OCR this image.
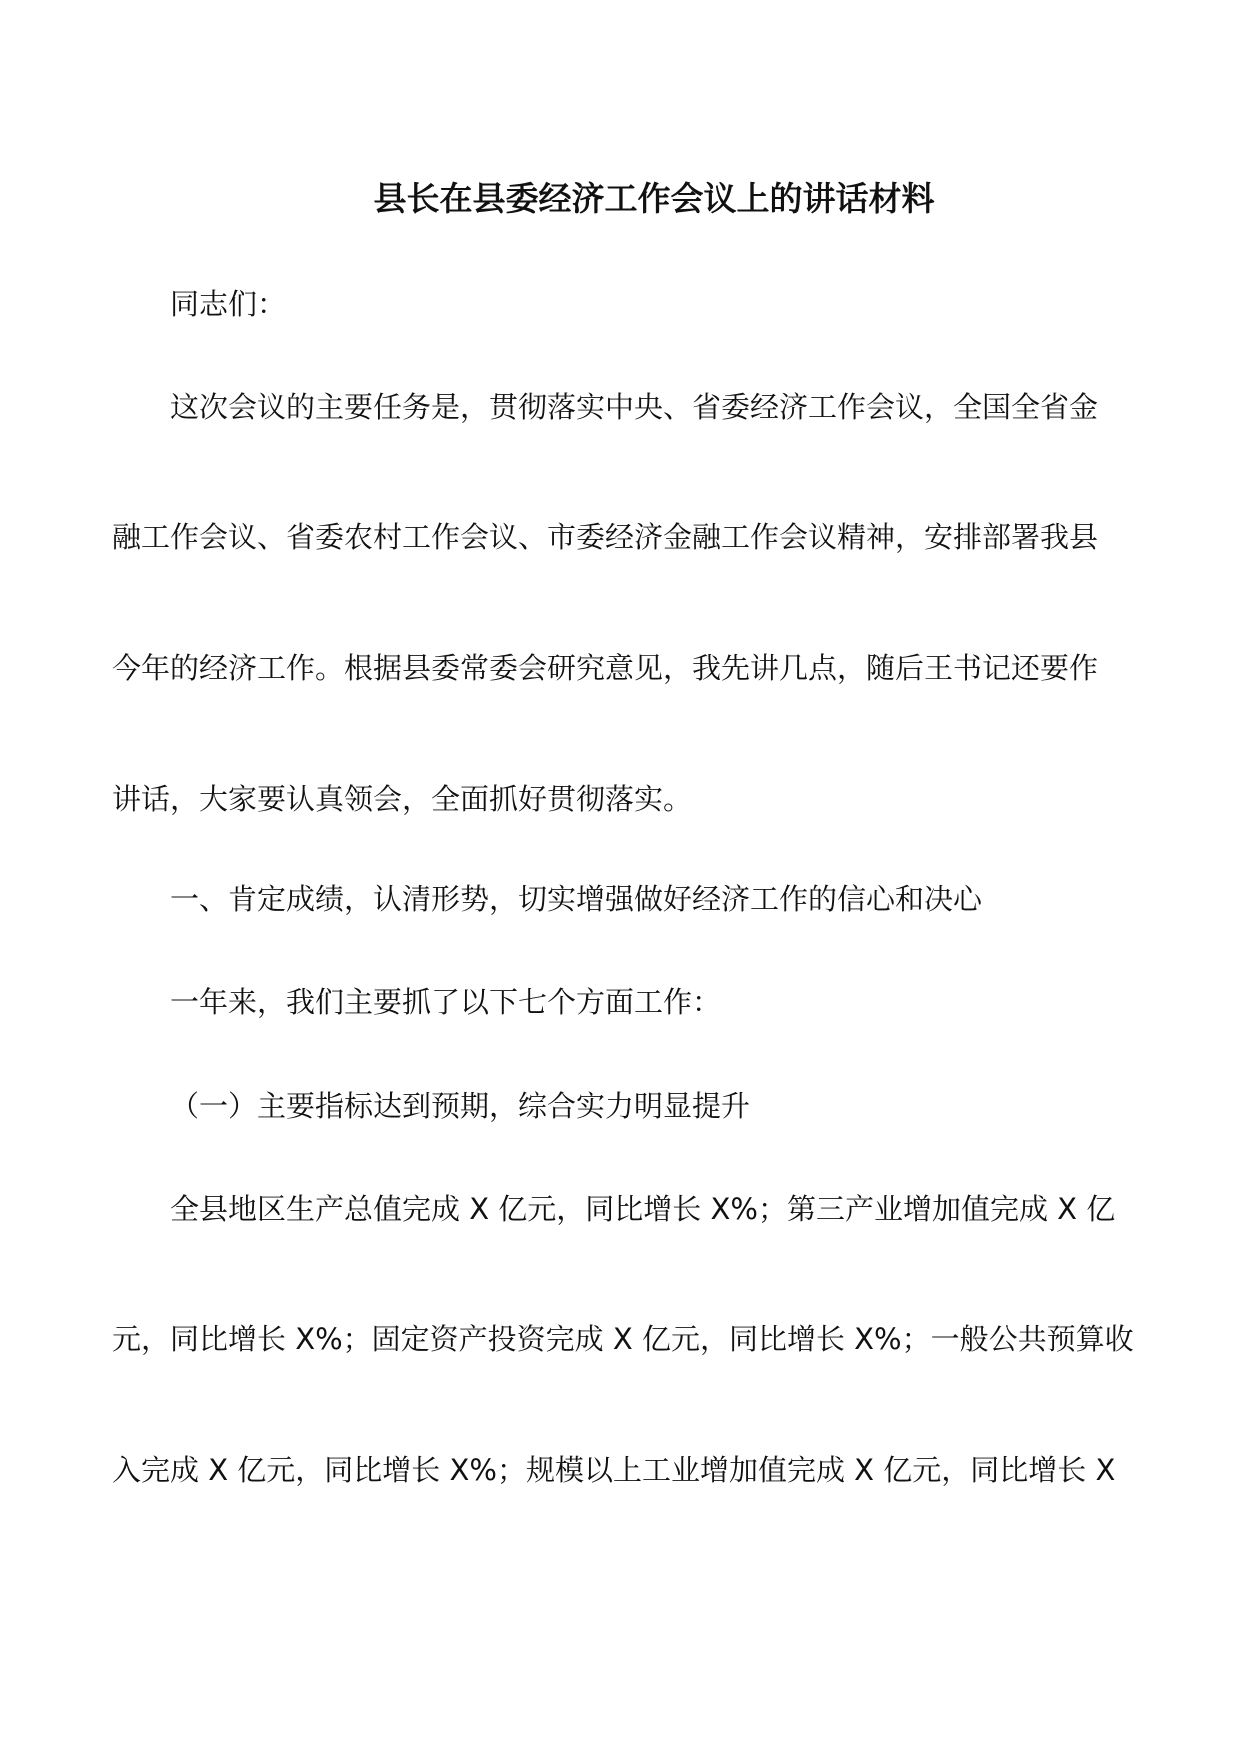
县长在县委经济工作会议上的讲话材料

同志们：

这次会议的主要任务是，贯彻落实中央、省委经济工作会议，全国全省金

融工作会议、省委农村工作会议、市委经济金融工作会议精神，安排部署我县

今年的经济工作。根据县委常委会研究意见，我先讲几点，随后王书记还要作

讲话，大家要认真领会，全面抓好贯彻落实。

一、肯定成绩，认清形势，切实增强做好经济工作的信心和决心

一年来，我们主要抓了以下七个方面工作：

（一）主要指标达到预期，综合实力明显提升

全县地区生产总值完成 X 亿元，同比增长 X%；第三产业增加值完成 X 亿

元，同比增长 X%；固定资产投资完成 X 亿元，同比增长 X%；一般公共预算收

入完成 X 亿元，同比增长 X%；规模以上工业增加值完成 X 亿元，同比增长 X
